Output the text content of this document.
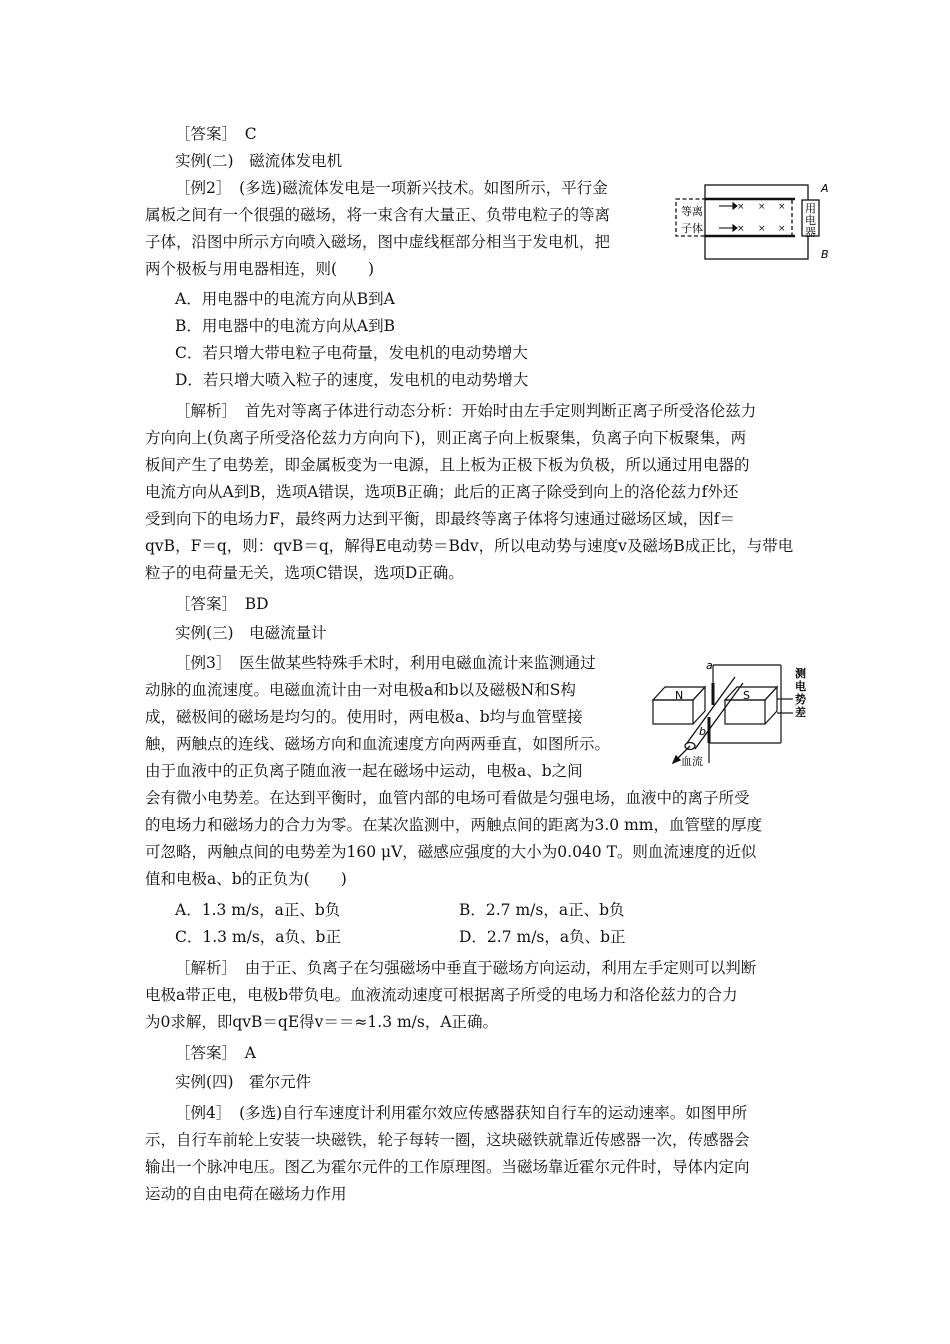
［答案］　C
实例(二)　磁流体发电机
［例2］　(多选)磁流体发电是一项新兴技术。如图所示，平行金
属板之间有一个很强的磁场，将一束含有大量正、负带电粒子的等离
子体，沿图中所示方向喷入磁场，图中虚线框部分相当于发电机，把
两个极板与用电器相连，则(　　)
A．用电器中的电流方向从B到A
B．用电器中的电流方向从A到B
C．若只增大带电粒子电荷量，发电机的电动势增大
D．若只增大喷入粒子的速度，发电机的电动势增大
［解析］　首先对等离子体进行动态分析：开始时由左手定则判断正离子所受洛伦兹力
方向向上(负离子所受洛伦兹力方向向下)，则正离子向上板聚集，负离子向下板聚集，两
板间产生了电势差，即金属板变为一电源，且上板为正极下板为负极，所以通过用电器的
电流方向从A到B，选项A错误，选项B正确；此后的正离子除受到向上的洛伦兹力f外还
受到向下的电场力F，最终两力达到平衡，即最终等离子体将匀速通过磁场区域，因f＝
qvB，F＝q，则：qvB＝q，解得E电动势＝Bdv，所以电动势与速度v及磁场B成正比，与带电
粒子的电荷量无关，选项C错误，选项D正确。
［答案］　BD
实例(三)　电磁流量计
［例3］　医生做某些特殊手术时，利用电磁血流计来监测通过
动脉的血流速度。电磁血流计由一对电极a和b以及磁极N和S构
成，磁极间的磁场是均匀的。使用时，两电极a、b均与血管壁接
触，两触点的连线、磁场方向和血流速度方向两两垂直，如图所示。
由于血液中的正负离子随血液一起在磁场中运动，电极a、b之间
会有微小电势差。在达到平衡时，血管内部的电场可看做是匀强电场，血液中的离子所受
的电场力和磁场力的合力为零。在某次监测中，两触点间的距离为3.0 mm，血管壁的厚度
可忽略，两触点间的电势差为160 μV，磁感应强度的大小为0.040 T。则血流速度的近似
值和电极a、b的正负为(　　)
A．1.3 m/s，a正、b负	B．2.7 m/s，a正、b负
C．1.3 m/s，a负、b正	D．2.7 m/s，a负、b正
［解析］　由于正、负离子在匀强磁场中垂直于磁场方向运动，利用左手定则可以判断
电极a带正电，电极b带负电。血液流动速度可根据离子所受的电场力和洛伦兹力的合力
为0求解，即qvB＝qE得v＝＝≈1.3 m/s，A正确。
［答案］　A
实例(四)　霍尔元件
［例4］　(多选)自行车速度计利用霍尔效应传感器获知自行车的运动速率。如图甲所
示，自行车前轮上安装一块磁铁，轮子每转一圈，这块磁铁就靠近传感器一次，传感器会
输出一个脉冲电压。图乙为霍尔元件的工作原理图。当磁场靠近霍尔元件时，导体内定向
运动的自由电荷在磁场力作用
A
B
等离
子体
用
电
器
× × ×
× × ×
a
b
N	S
测
电
势
差
血流
